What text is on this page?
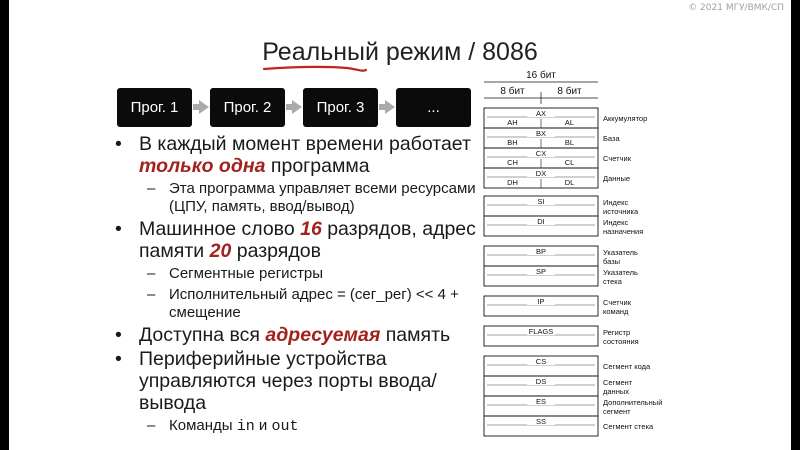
© 2021 МГУ/ВМК/СП
Реальный режим / 8086
Прог. 1	Прог. 2	Прог. 3	...
• В каждый момент времени работает только одна программа
– Эта программа управляет всеми ресурсами (ЦПУ, память, ввод/вывод)
• Машинное слово 16 разрядов, адрес памяти 20 разрядов
– Сегментные регистры
– Исполнительный адрес = (сег_рег) << 4 + смещение
• Доступна вся адресуемая память
• Периферийные устройства управляются через порты ввода/вывода
– Команды in и out
16 бит
8 бит	8 бит
AX
AH	AL	Аккумулятор
BX
BH	BL	База
CX
CH	CL	Счетчик
DX
DH	DL	Данные
SI	Индекс
источника
DI	Индекс
назначения
BP	Указатель
базы
SP	Указатель
стека
IP	Счетчик
команд
FLAGS	Регистр
состояния
CS
Сегмент кода
DS	Сегмент
данных
ES	Дополнительный
сегмент
SS
Сегмент стека
